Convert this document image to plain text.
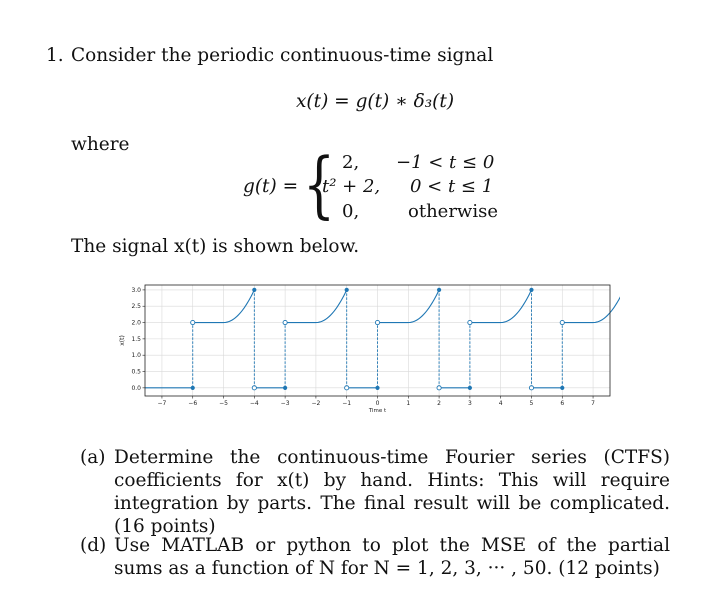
1. Consider the periodic continuous-time signal
x(t) = g(t) ∗ δ₃(t)
where
g(t) = { 2, −1 < t ≤ 0
t² + 2, 0 < t ≤ 1
0,	otherwise
The signal x(t) is shown below.
−7	−6	−5	−4	−3	−2	−1	0	1	2	3	4	5	6	7
0.0
0.5
1.0
1.5
2.0
2.5
3.0
Time t
x(t)
(a) Determine the continuous-time Fourier series (CTFS) coefficients for x(t) by hand. Hints: This will require integration by parts. The final result will be complicated. (16 points)
(d) Use MATLAB or python to plot the MSE of the partial sums as a function of N for N = 1, 2, 3, ··· , 50. (12 points)
